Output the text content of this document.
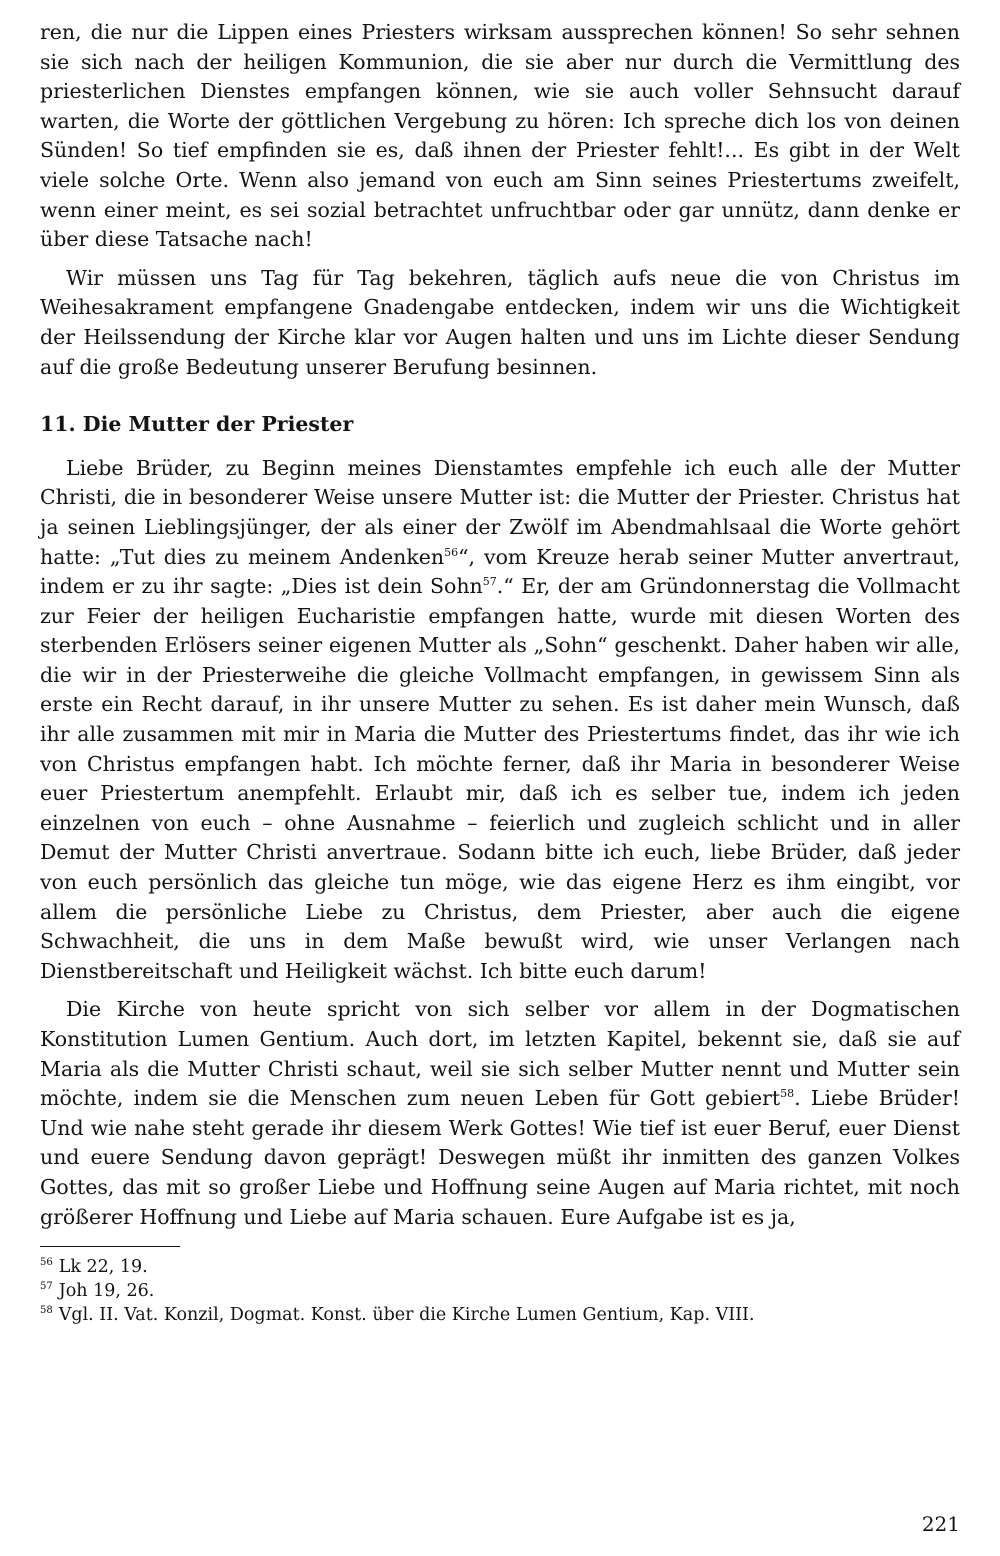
ren, die nur die Lippen eines Priesters wirksam aussprechen können! So sehr sehnen sie sich nach der heiligen Kommunion, die sie aber nur durch die Vermittlung des priesterlichen Dienstes empfangen können, wie sie auch voller Sehnsucht darauf warten, die Worte der göttlichen Vergebung zu hören: Ich spreche dich los von deinen Sünden! So tief empfinden sie es, daß ihnen der Priester fehlt!... Es gibt in der Welt viele solche Orte. Wenn also jemand von euch am Sinn seines Priestertums zweifelt, wenn einer meint, es sei sozial betrachtet unfruchtbar oder gar unnütz, dann denke er über diese Tatsache nach!

Wir müssen uns Tag für Tag bekehren, täglich aufs neue die von Christus im Weihesakrament empfangene Gnadengabe entdecken, indem wir uns die Wichtigkeit der Heilssendung der Kirche klar vor Augen halten und uns im Lichte dieser Sendung auf die große Bedeutung unserer Berufung besinnen.

11. Die Mutter der Priester

Liebe Brüder, zu Beginn meines Dienstamtes empfehle ich euch alle der Mutter Christi, die in besonderer Weise unsere Mutter ist: die Mutter der Priester. Christus hat ja seinen Lieblingsjünger, der als einer der Zwölf im Abendmahlsaal die Worte gehört hatte: „Tut dies zu meinem Andenken$^{56}$“, vom Kreuze herab seiner Mutter anvertraut, indem er zu ihr sagte: „Dies ist dein Sohn$^{57}$.“ Er, der am Gründonnerstag die Vollmacht zur Feier der heiligen Eucharistie empfangen hatte, wurde mit diesen Worten des sterbenden Erlösers seiner eigenen Mutter als „Sohn“ geschenkt. Daher haben wir alle, die wir in der Priesterweihe die gleiche Vollmacht empfangen, in gewissem Sinn als erste ein Recht darauf, in ihr unsere Mutter zu sehen. Es ist daher mein Wunsch, daß ihr alle zusammen mit mir in Maria die Mutter des Priestertums findet, das ihr wie ich von Christus empfangen habt. Ich möchte ferner, daß ihr Maria in besonderer Weise euer Priestertum anempfehlt. Erlaubt mir, daß ich es selber tue, indem ich jeden einzelnen von euch – ohne Ausnahme – feierlich und zugleich schlicht und in aller Demut der Mutter Christi anvertraue. Sodann bitte ich euch, liebe Brüder, daß jeder von euch persönlich das gleiche tun möge, wie das eigene Herz es ihm eingibt, vor allem die persönliche Liebe zu Christus, dem Priester, aber auch die eigene Schwachheit, die uns in dem Maße bewußt wird, wie unser Verlangen nach Dienstbereitschaft und Heiligkeit wächst. Ich bitte euch darum!

Die Kirche von heute spricht von sich selber vor allem in der Dogmatischen Konstitution Lumen Gentium. Auch dort, im letzten Kapitel, bekennt sie, daß sie auf Maria als die Mutter Christi schaut, weil sie sich selber Mutter nennt und Mutter sein möchte, indem sie die Menschen zum neuen Leben für Gott gebiert$^{58}$. Liebe Brüder! Und wie nahe steht gerade ihr diesem Werk Gottes! Wie tief ist euer Beruf, euer Dienst und euere Sendung davon geprägt! Deswegen müßt ihr inmitten des ganzen Volkes Gottes, das mit so großer Liebe und Hoffnung seine Augen auf Maria richtet, mit noch größerer Hoffnung und Liebe auf Maria schauen. Eure Aufgabe ist es ja,

$^{56}$ Lk 22, 19.
$^{57}$ Joh 19, 26.
$^{58}$ Vgl. II. Vat. Konzil, Dogmat. Konst. über die Kirche Lumen Gentium, Kap. VIII.
221
